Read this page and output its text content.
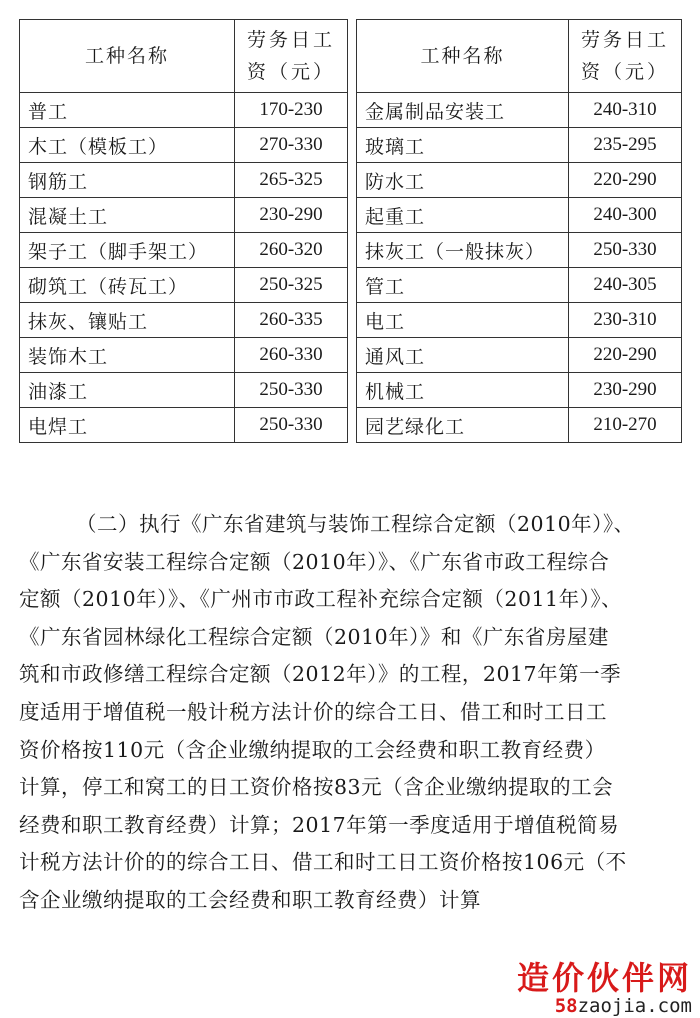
工种名称	劳务日工
资（元）
普工	170-230
木工（模板工）	270-330
钢筋工	265-325
混凝土工	230-290
架子工（脚手架工）	260-320
砌筑工（砖瓦工）	250-325
抹灰、镶贴工	260-335
装饰木工	260-330
油漆工	250-330
电焊工	250-330
工种名称	劳务日工
资（元）
金属制品安装工	240-310
玻璃工	235-295
防水工	220-290
起重工	240-300
抹灰工（一般抹灰）	250-330
管工	240-305
电工	230-310
通风工	220-290
机械工	230-290
园艺绿化工	210-270

（二）执行《广东省建筑与装饰工程综合定额（2010年）》、

《广东省安装工程综合定额（2010年）》、《广东省市政工程综合

定额（2010年）》、《广州市市政工程补充综合定额（2011年）》、

《广东省园林绿化工程综合定额（2010年）》和《广东省房屋建

筑和市政修缮工程综合定额（2012年）》的工程，2017年第一季

度适用于增值税一般计税方法计价的综合工日、借工和时工日工

资价格按110元（含企业缴纳提取的工会经费和职工教育经费）

计算，停工和窝工的日工资价格按83元（含企业缴纳提取的工会

经费和职工教育经费）计算；2017年第一季度适用于增值税简易

计税方法计价的的综合工日、借工和时工日工资价格按106元（不

含企业缴纳提取的工会经费和职工教育经费）计算

造价伙伴网
58zaojia.com
